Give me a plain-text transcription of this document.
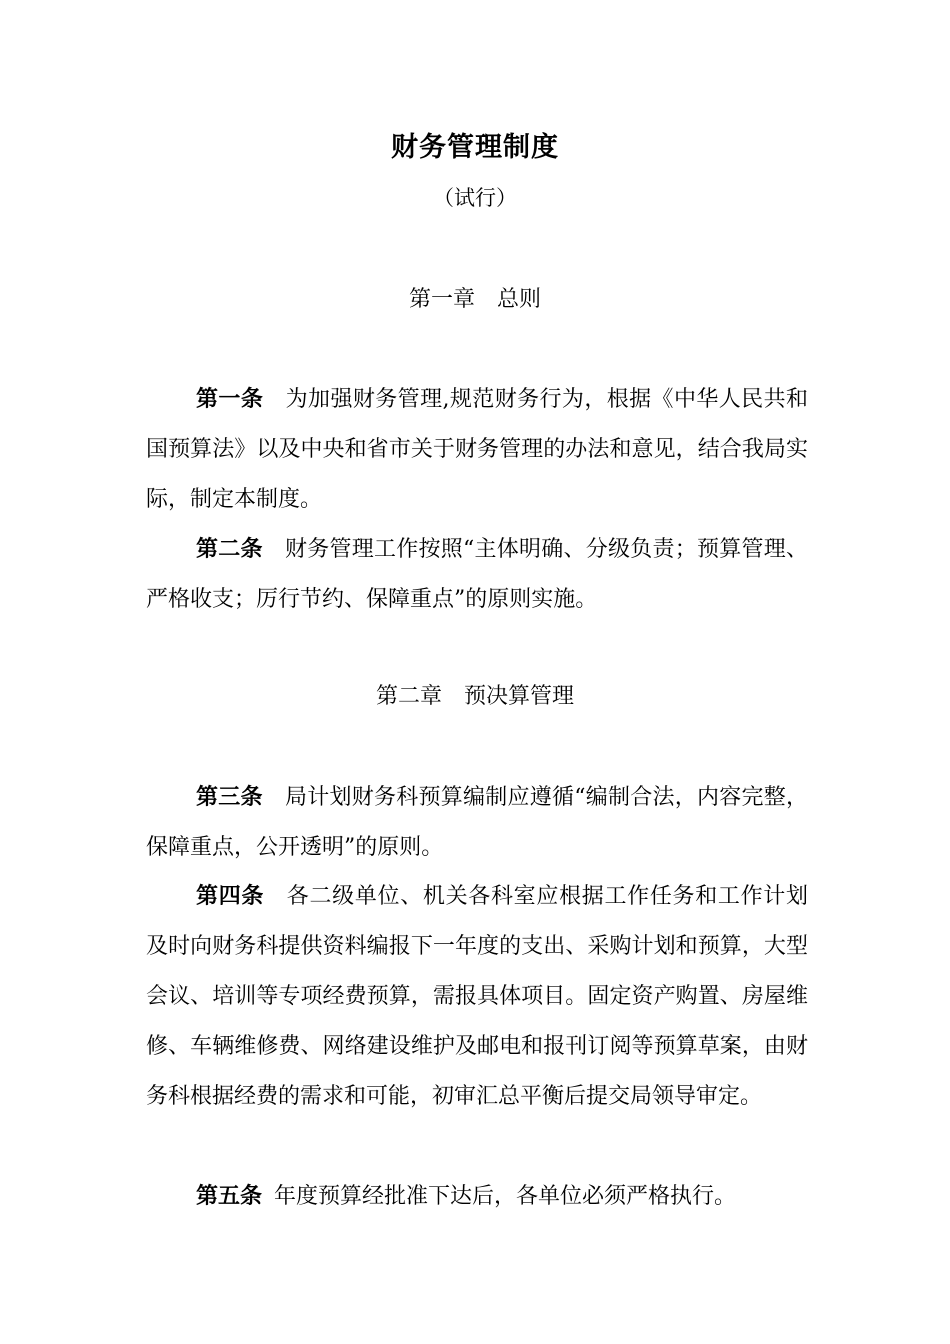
财务管理制度
（试行）
第一章　总则

第一条 为加强财务管理,规范财务行为，根据《中华人民共和国预算法》以及中央和省市关于财务管理的办法和意见，结合我局实际，制定本制度。

第二条 财务管理工作按照“主体明确、分级负责；预算管理、严格收支；厉行节约、保障重点”的原则实施。

第二章　预决算管理

第三条 局计划财务科预算编制应遵循“编制合法，内容完整，保障重点，公开透明”的原则。

第四条 各二级单位、机关各科室应根据工作任务和工作计划及时向财务科提供资料编报下一年度的支出、采购计划和预算，大型会议、培训等专项经费预算，需报具体项目。固定资产购置、房屋维修、车辆维修费、网络建设维护及邮电和报刊订阅等预算草案，由财务科根据经费的需求和可能，初审汇总平衡后提交局领导审定。

第五条 年度预算经批准下达后，各单位必须严格执行。
